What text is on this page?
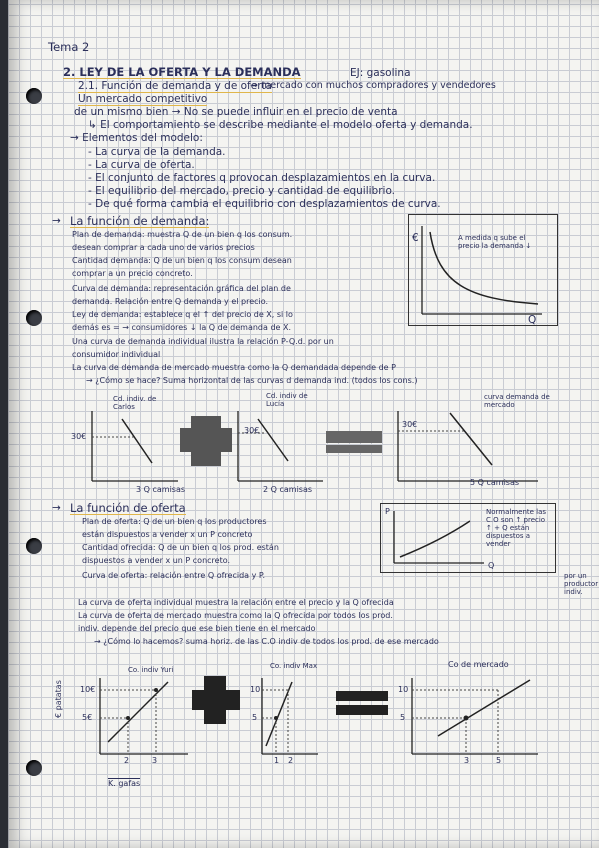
Tema 2
2. LEY DE LA OFERTA Y LA DEMANDA	EJ: gasolina
2.1. Función de demanda y de oferta
→ mercado con muchos compradores y vendedores
Un mercado competitivo
de un mismo bien → No se puede influir en el precio de venta
↳ El comportamiento se describe mediante el modelo oferta y demanda.
→ Elementos del modelo:
- La curva de la demanda.
- La curva de oferta.
- El conjunto de factores q provocan desplazamientos en la curva.
- El equilibrio del mercado, precio y cantidad de equilibrio.
- De qué forma cambia el equilibrio con desplazamientos de curva.
→ La función de demanda:
Plan de demanda: muestra Q de un bien q los consum.
desean comprar a cada uno de varios precios
Cantidad demanda: Q de un bien q los consum desean
comprar a un precio concreto.
Curva de demanda: representación gráfica del plan de
demanda. Relación entre Q demanda y el precio.
Ley de demanda: establece q el ↑ del precio de X, si lo
demás es = → consumidores ↓ la Q de demanda de X.
Una curva de demanda individual ilustra la relación P-Q.d. por un
consumidor individual
La curva de demanda de mercado muestra como la Q demandada depende de P
→ ¿Cómo se hace? Suma horizontal de las curvas d demanda ind. (todos los cons.)
€
Q
A medida q sube el precio la demanda ↓
Cd. indiv. de Carlos
Cd. indiv de Lucía
curva demanda de mercado
30€
3 Q camisas
30€
2 Q camisas
30€
5 Q camisas
→ La función de oferta
Plan de oferta: Q de un bien q los productores
están dispuestos a vender x un P concreto
Cantidad ofrecida: Q de un bien q los prod. están
dispuestos a vender x un P concreto.
Curva de oferta: relación entre Q ofrecida y P.
P
Q
Normalmente las C.O son ↑ precio ↑ + Q están dispuestos a vender
por un productor indiv.
La curva de oferta individual muestra la relación entre el precio y la Q ofrecida
La curva de oferta de mercado muestra como la Q ofrecida por todos los prod.
indiv. depende del precio que ese bien tiene en el mercado
→ ¿Cómo lo hacemos? suma horiz. de las C.O indiv de todos los prod. de ese mercado
Co. indiv Yuri	Co. indiv Max	Co de mercado
10€
5€
2	3
K. gafas
€ patatas	10
5
1 2
10
5
3	5
